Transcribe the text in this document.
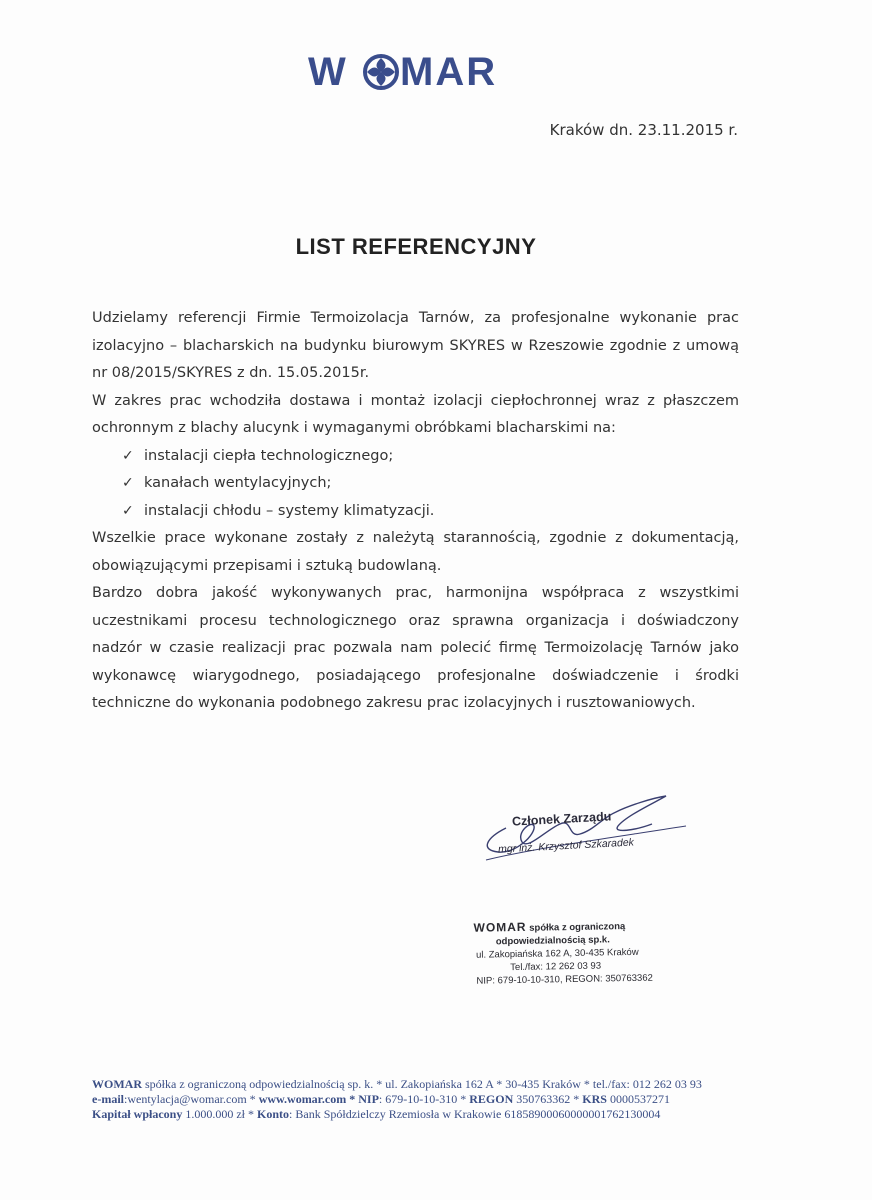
W MAR
Kraków dn. 23.11.2015 r.
LIST REFERENCYJNY
Udzielamy referencji Firmie Termoizolacja Tarnów, za profesjonalne wykonanie prac izolacyjno – blacharskich na budynku biurowym SKYRES w Rzeszowie zgodnie z umową nr 08/2015/SKYRES z dn. 15.05.2015r.
W zakres prac wchodziła dostawa i montaż izolacji ciepłochronnej wraz z płaszczem ochronnym z blachy alucynk i wymaganymi obróbkami blacharskimi na:
✓ instalacji ciepła technologicznego;
✓ kanałach wentylacyjnych;
✓ instalacji chłodu – systemy klimatyzacji.
Wszelkie prace wykonane zostały z należytą starannością, zgodnie z dokumentacją, obowiązującymi przepisami i sztuką budowlaną.
Bardzo dobra jakość wykonywanych prac, harmonijna współpraca z wszystkimi uczestnikami procesu technologicznego oraz sprawna organizacja i doświadczony nadzór w czasie realizacji prac pozwala nam polecić firmę Termoizolację Tarnów jako wykonawcę wiarygodnego, posiadającego profesjonalne doświadczenie i środki techniczne do wykonania podobnego zakresu prac izolacyjnych i rusztowaniowych.
Członek Zarządu
mgr inż. Krzysztof Szkaradek
WOMAR spółka z ograniczoną
odpowiedzialnością sp.k.
ul. Zakopiańska 162 A, 30-435 Kraków
Tel./fax: 12 262 03 93
NIP: 679-10-10-310, REGON: 350763362
WOMAR spółka z ograniczoną odpowiedzialnością sp. k. * ul. Zakopiańska 162 A * 30-435 Kraków * tel./fax: 012 262 03 93
e-mail:wentylacja@womar.com * www.womar.com * NIP: 679-10-10-310 * REGON 350763362 * KRS 0000537271
Kapitał wpłacony 1.000.000 zł * Konto: Bank Spółdzielczy Rzemiosła w Krakowie 61858900060000001762130004
